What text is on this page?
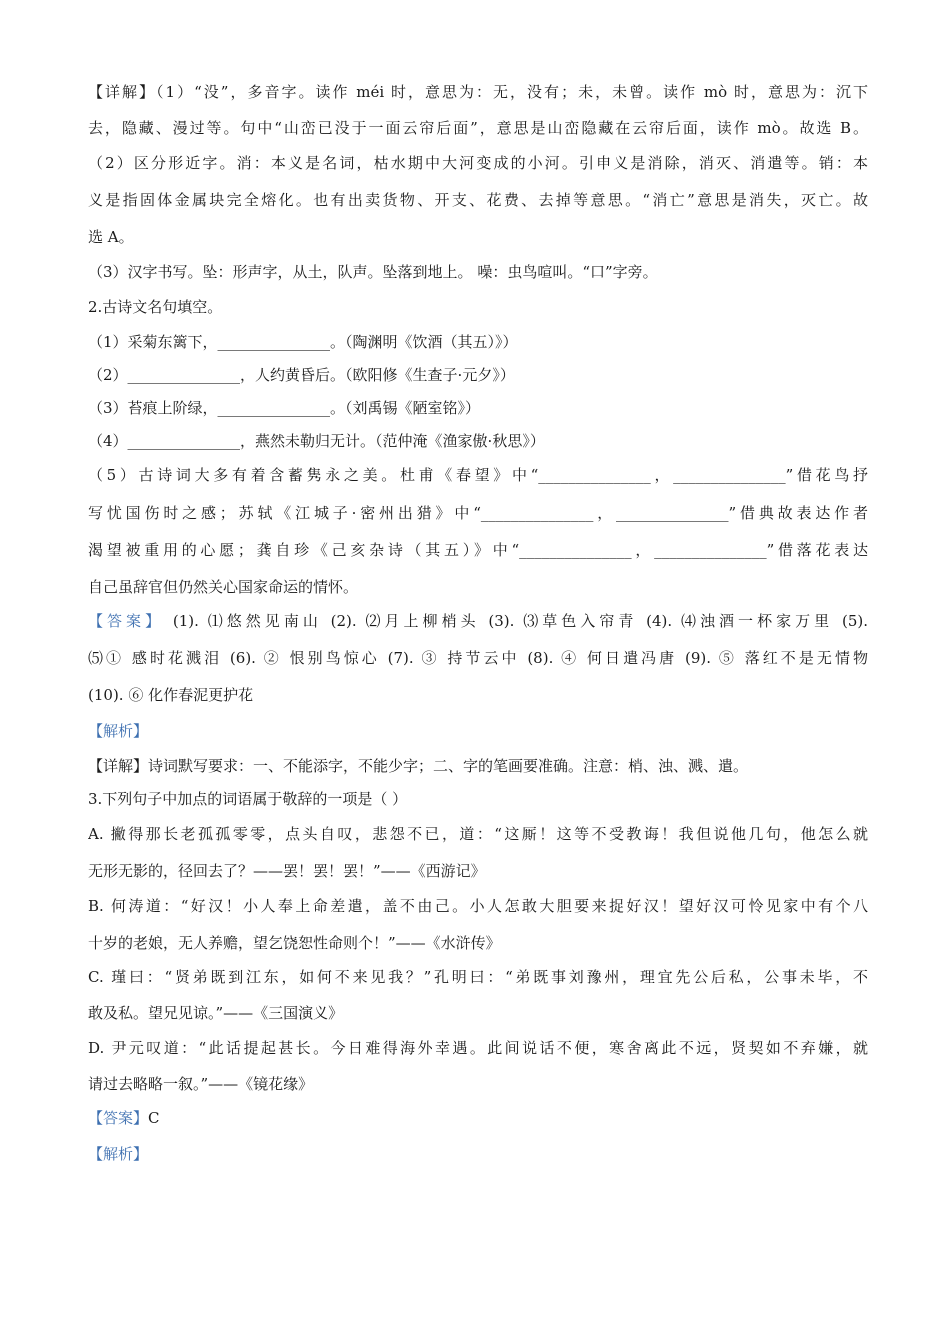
【详解】（1）“没”，多音字。读作 méi 时，意思为：无，没有；未，未曾。读作 mò 时，意思为：沉下
去，隐藏、漫过等。句中“山峦已没于一面云帘后面”，意思是山峦隐藏在云帘后面，读作 mò。故选 B。
（2）区分形近字。消：本义是名词，枯水期中大河变成的小河。引申义是消除，消灭、消遣等。销：本
义是指固体金属块完全熔化。也有出卖货物、开支、花费、去掉等意思。“消亡”意思是消失，灭亡。故
选 A。
（3）汉字书写。坠：形声字，从土，队声。坠落到地上。 噪：虫鸟喧叫。“口”字旁。
2.古诗文名句填空。
（1）采菊东篱下，_______________。（陶渊明《饮酒（其五）》）
（2）_______________，人约黄昏后。（欧阳修《生查子·元夕》）
（3）苔痕上阶绿，_______________。（刘禹锡《陋室铭》）
（4）_______________，燕然未勒归无计。（范仲淹《渔家傲·秋思》）
（5）古诗词大多有着含蓄隽永之美。杜甫《春望》中“_______________，_______________”借花鸟抒
写忧国伤时之感；苏轼《江城子·密州出猎》中“_______________，_______________”借典故表达作者
渴望被重用的心愿；龚自珍《己亥杂诗（其五）》中“_______________，_______________”借落花表达
自己虽辞官但仍然关心国家命运的情怀。
【答案】 (1). ⑴悠然见南山 (2). ⑵月上柳梢头 (3). ⑶草色入帘青 (4). ⑷浊酒一杯家万里 (5).
⑸① 感时花溅泪 (6). ② 恨别鸟惊心 (7). ③ 持节云中 (8). ④ 何日遣冯唐 (9). ⑤ 落红不是无情物
(10). ⑥ 化作春泥更护花
【解析】
【详解】诗词默写要求：一、不能添字，不能少字；二、字的笔画要准确。注意：梢、浊、溅、遣。
3.下列句子中加点的词语属于敬辞的一项是（ ）
A. 撇得那长老孤孤零零，点头自叹，悲怨不已，道：“这厮！这等不受教诲！我但说他几句，他怎么就
无形无影的，径回去了？——罢！罢！罢！”——《西游记》
B. 何涛道：“好汉！小人奉上命差遣，盖不由己。小人怎敢大胆要来捉好汉！望好汉可怜见家中有个八
十岁的老娘，无人养赡，望乞饶恕性命则个！”——《水浒传》
C. 瑾曰：“贤弟既到江东，如何不来见我？”孔明曰：“弟既事刘豫州，理宜先公后私，公事未毕，不
敢及私。望兄见谅。”——《三国演义》
D. 尹元叹道：“此话提起甚长。今日难得海外幸遇。此间说话不便，寒舍离此不远，贤契如不弃嫌，就
请过去略略一叙。”——《镜花缘》
【答案】C
【解析】
